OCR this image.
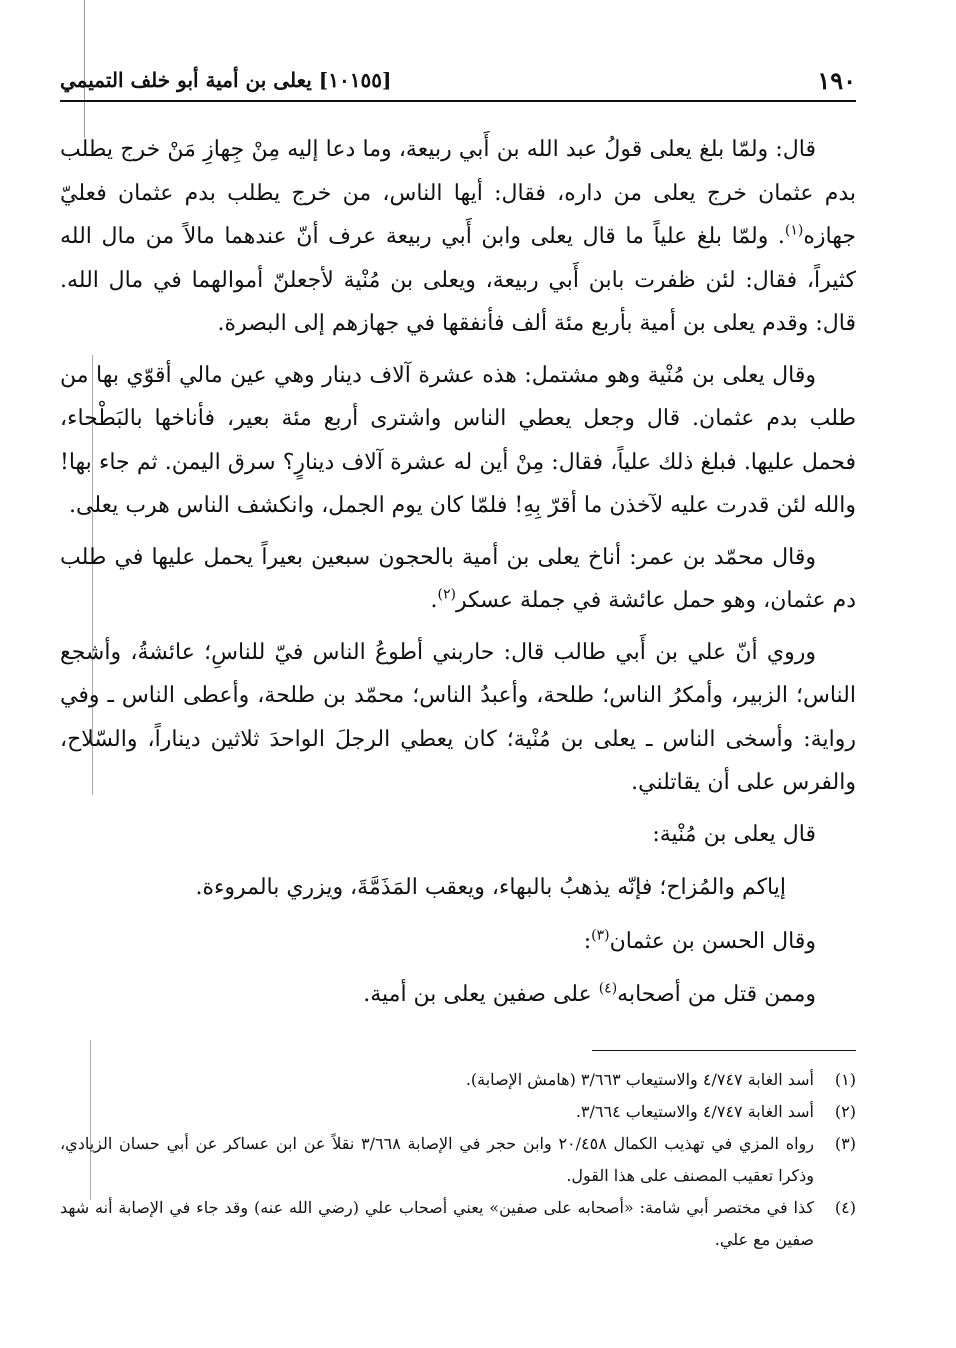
١٩٠
[١٠١٥٥] يعلى بن أمية أبو خلف التميمي

قال: ولمّا بلغ يعلى قولُ عبد الله بن أَبي ربيعة، وما دعا إليه مِنْ جِهازِ مَنْ خرج يطلب بدم عثمان خرج يعلى من داره، فقال: أيها الناس، من خرج يطلب بدم عثمان فعليّ جهازه$^{(١)}$. ولمّا بلغ علياً ما قال يعلى وابن أَبي ربيعة عرف أنّ عندهما مالاً من مال الله كثيراً، فقال: لئن ظفرت بابن أَبي ربيعة، ويعلى بن مُنْية لأجعلنّ أموالهما في مال الله. قال: وقدم يعلى بن أمية بأربع مئة ألف فأنفقها في جهازهم إلى البصرة.

وقال يعلى بن مُنْية وهو مشتمل: هذه عشرة آلاف دينار وهي عين مالي أقوّي بها من طلب بدم عثمان. قال وجعل يعطي الناس واشترى أربع مئة بعير، فأناخها بالبَطْحاء، فحمل عليها. فبلغ ذلك علياً، فقال: مِنْ أين له عشرة آلاف دينارٍ؟ سرق اليمن. ثم جاء بها! والله لئن قدرت عليه لآخذن ما أقرّ بِهِ! فلمّا كان يوم الجمل، وانكشف الناس هرب يعلى.

وقال محمّد بن عمر: أناخ يعلى بن أمية بالحجون سبعين بعيراً يحمل عليها في طلب دم عثمان، وهو حمل عائشة في جملة عسكر$^{(٢)}$.

وروي أنّ علي بن أَبي طالب قال: حاربني أطوعُ الناس فيّ للناسِ؛ عائشةُ، وأشجع الناس؛ الزبير، وأمكرُ الناس؛ طلحة، وأعبدُ الناس؛ محمّد بن طلحة، وأعطى الناس ـ وفي رواية: وأسخى الناس ـ يعلى بن مُنْية؛ كان يعطي الرجلَ الواحدَ ثلاثين ديناراً، والسّلاح، والفرس على أن يقاتلني.

قال يعلى بن مُنْية:

إياكم والمُزاح؛ فإنّه يذهبُ بالبهاء، ويعقب المَذَمَّةَ، ويزري بالمروءة.

وقال الحسن بن عثمان$^{(٣)}$:

وممن قتل من أصحابه$^{(٤)}$ على صفين يعلى بن أمية.

(١)
أسد الغابة ٤/٧٤٧ والاستيعاب ٣/٦٦٣ (هامش الإصابة).
(٢)
أسد الغابة ٤/٧٤٧ والاستيعاب ٣/٦٦٤.
(٣)
رواه المزي في تهذيب الكمال ٢٠/٤٥٨ وابن حجر في الإصابة ٣/٦٦٨ نقلاً عن ابن عساكر عن أبي حسان الزيادي، وذكرا تعقيب المصنف على هذا القول.
(٤)
كذا في مختصر أبي شامة: «أصحابه على صفين» يعني أصحاب علي (رضي الله عنه) وقد جاء في الإصابة أنه شهد صفين مع علي.
